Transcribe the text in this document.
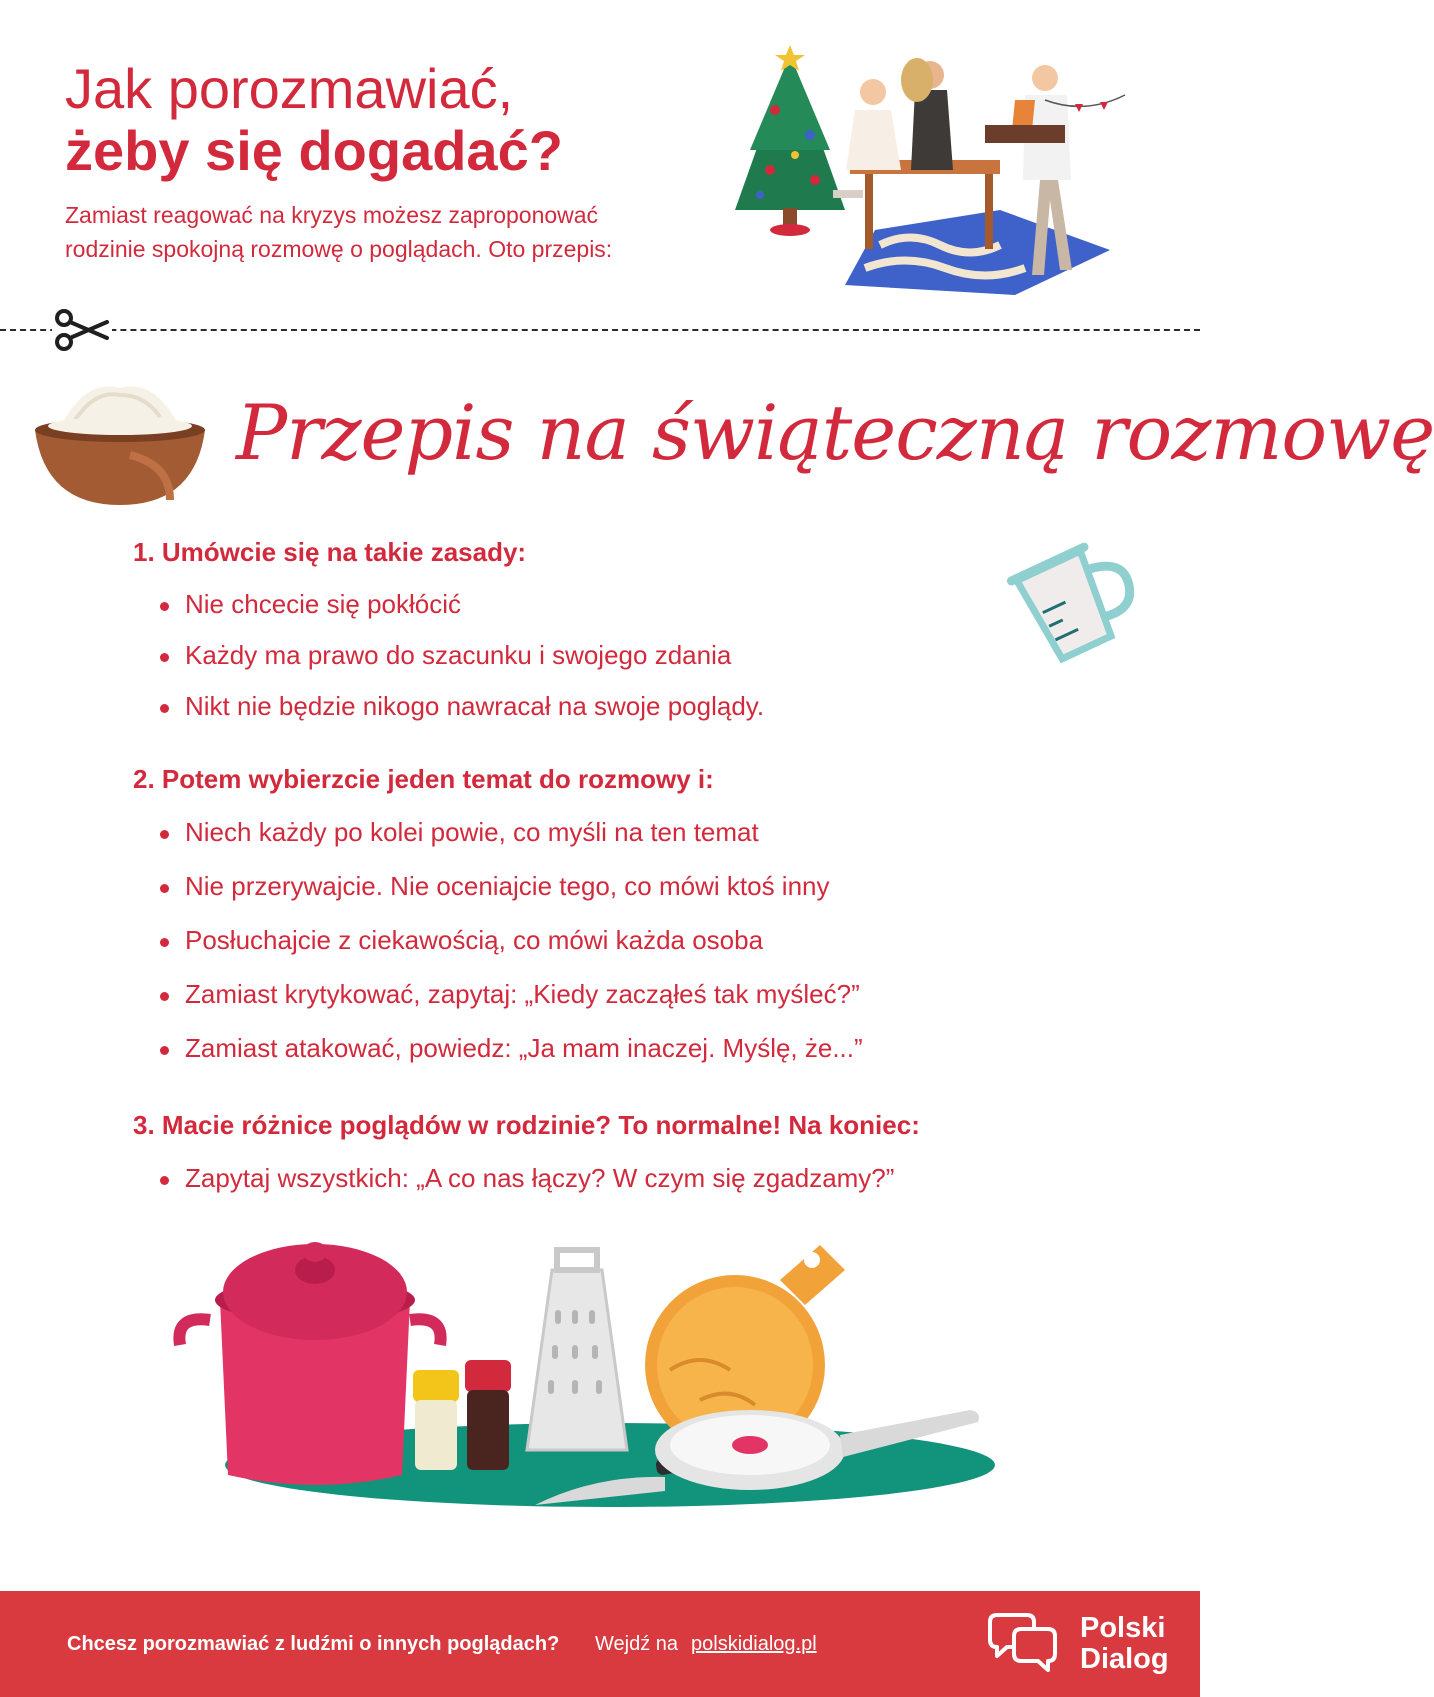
Jak porozmawiać,
żeby się dogadać?
Zamiast reagować na kryzys możesz zaproponować
rodzinie spokojną rozmowę o poglądach. Oto przepis:
Przepis na świąteczną rozmowę
1. Umówcie się na takie zasady:

Nie chcecie się pokłócić

Każdy ma prawo do szacunku i swojego zdania

Nikt nie będzie nikogo nawracał na swoje poglądy.

2. Potem wybierzcie jeden temat do rozmowy i:

Niech każdy po kolei powie, co myśli na ten temat

Nie przerywajcie. Nie oceniajcie tego, co mówi ktoś inny

Posłuchajcie z ciekawością, co mówi każda osoba

Zamiast krytykować, zapytaj: „Kiedy zacząłeś tak myśleć?”

Zamiast atakować, powiedz: „Ja mam inaczej. Myślę, że...”

3. Macie różnice poglądów w rodzinie? To normalne! Na koniec:

Zapytaj wszystkich: „A co nas łączy? W czym się zgadzamy?”

Chcesz porozmawiać z ludźmi o innych poglądach? Wejdź na polskidialog.pl	Polski
Dialog
